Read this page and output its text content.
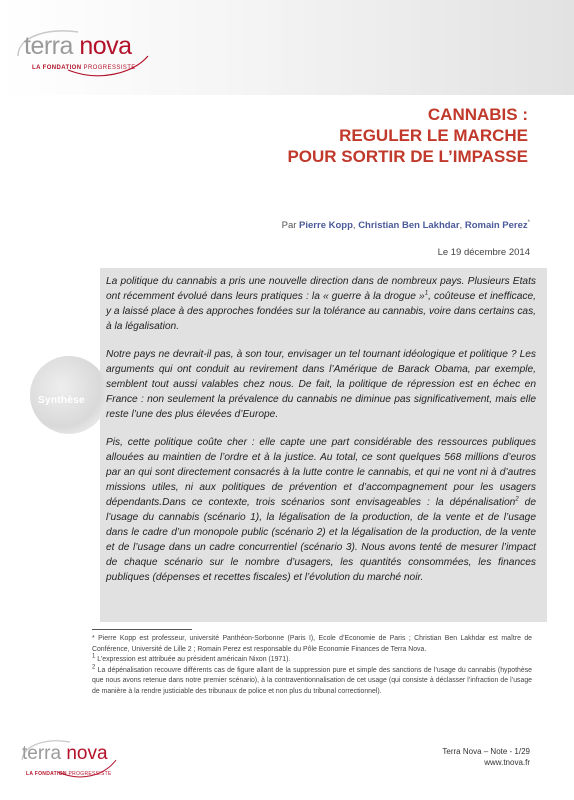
terra nova
LA FONDATION PROGRESSISTE
CANNABIS :
REGULER LE MARCHE
POUR SORTIR DE L’IMPASSE
Par Pierre Kopp, Christian Ben Lakhdar, Romain Perez*
Le 19 décembre 2014
Synthèse

La politique du cannabis a pris une nouvelle direction dans de nombreux pays. Plusieurs Etats ont récemment évolué dans leurs pratiques : la « guerre à la drogue »$^1$, coûteuse et inefficace, y a laissé place à des approches fondées sur la tolérance au cannabis, voire dans certains cas, à la légalisation.

Notre pays ne devrait-il pas, à son tour, envisager un tel tournant idéologique et politique ? Les arguments qui ont conduit au revirement dans l’Amérique de Barack Obama, par exemple, semblent tout aussi valables chez nous. De fait, la politique de répression est en échec en France : non seulement la prévalence du cannabis ne diminue pas significativement, mais elle reste l’une des plus élevées d’Europe.

Pis, cette politique coûte cher : elle capte une part considérable des ressources publiques allouées au maintien de l’ordre et à la justice. Au total, ce sont quelques 568 millions d’euros par an qui sont directement consacrés à la lutte contre le cannabis, et qui ne vont ni à d’autres missions utiles, ni aux politiques de prévention et d’accompagnement pour les usagers dépendants.Dans ce contexte, trois scénarios sont envisageables : la dépénalisation$^2$ de l’usage du cannabis (scénario 1), la légalisation de la production, de la vente et de l’usage dans le cadre d’un monopole public (scénario 2) et la légalisation de la production, de la vente et de l’usage dans un cadre concurrentiel (scénario 3). Nous avons tenté de mesurer l’impact de chaque scénario sur le nombre d’usagers, les quantités consommées, les finances publiques (dépenses et recettes fiscales) et l’évolution du marché noir.

* Pierre Kopp est professeur, université Panthéon-Sorbonne (Paris I), Ecole d’Economie de Paris ; Christian Ben Lakhdar est maître de Conférence, Université de Lille 2 ; Romain Perez est responsable du Pôle Economie Finances de Terra Nova.

$^1$ L’expression est attribuée au président américain Nixon (1971).

$^2$ La dépénalisation recouvre différents cas de figure allant de la suppression pure et simple des sanctions de l’usage du cannabis (hypothèse que nous avons retenue dans notre premier scénario), à la contraventionnalisation de cet usage (qui consiste à déclasser l’infraction de l’usage de manière à la rendre justiciable des tribunaux de police et non plus du tribunal correctionnel).

terra nova
LA FONDATION PROGRESSISTE
Terra Nova – Note - 1/29
www.tnova.fr
